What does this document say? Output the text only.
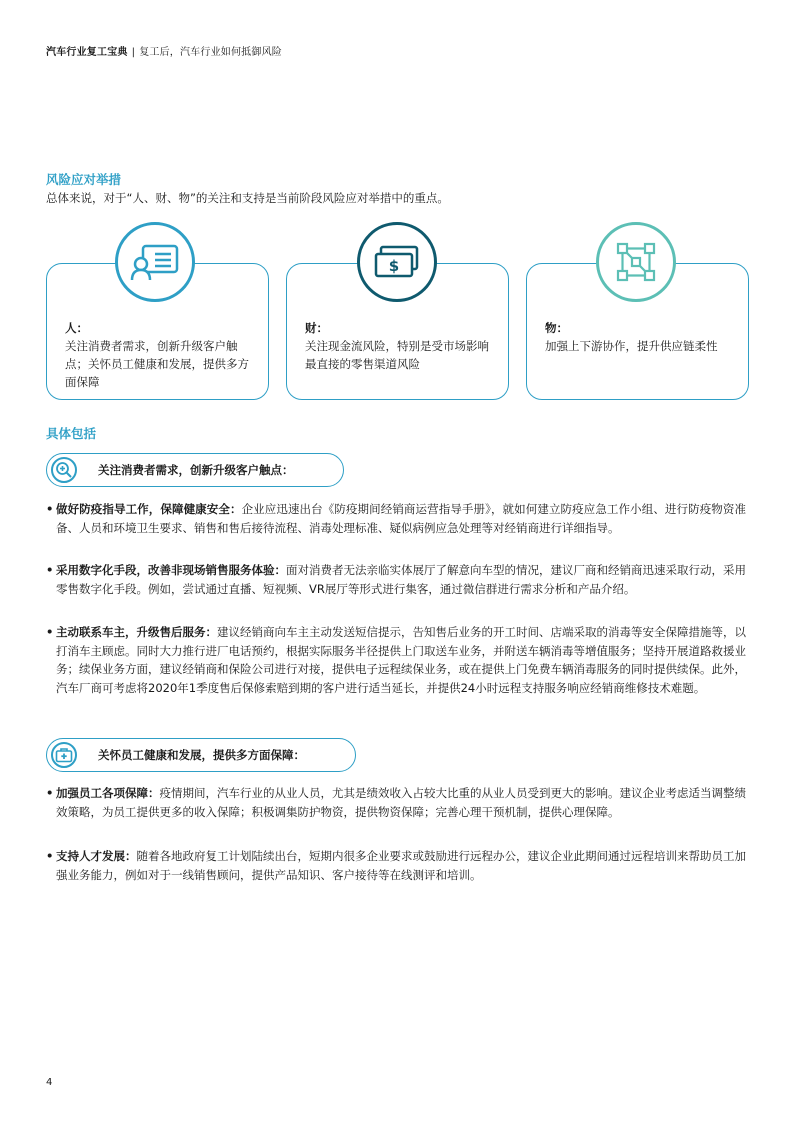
汽车行业复工宝典 | 复工后，汽车行业如何抵御风险
风险应对举措
总体来说，对于“人、财、物”的关注和支持是当前阶段风险应对举措中的重点。
人：
关注消费者需求，创新升级客户触点；关怀员工健康和发展，提供多方面保障
财：
关注现金流风险，特别是受市场影响最直接的零售渠道风险
$
物：
加强上下游协作，提升供应链柔性
具体包括
关注消费者需求，创新升级客户触点：
• 做好防疫指导工作，保障健康安全：企业应迅速出台《防疫期间经销商运营指导手册》，就如何建立防疫应急工作小组、进行防疫物资准备、人员和环境卫生要求、销售和售后接待流程、消毒处理标准、疑似病例应急处理等对经销商进行详细指导。
• 采用数字化手段，改善非现场销售服务体验：面对消费者无法亲临实体展厅了解意向车型的情况，建议厂商和经销商迅速采取行动，采用零售数字化手段。例如，尝试通过直播、短视频、VR展厅等形式进行集客，通过微信群进行需求分析和产品介绍。
• 主动联系车主，升级售后服务：建议经销商向车主主动发送短信提示，告知售后业务的开工时间、店端采取的消毒等安全保障措施等，以打消车主顾虑。同时大力推行进厂电话预约，根据实际服务半径提供上门取送车业务，并附送车辆消毒等增值服务；坚持开展道路救援业务；续保业务方面，建议经销商和保险公司进行对接，提供电子远程续保业务，或在提供上门免费车辆消毒服务的同时提供续保。此外，汽车厂商可考虑将2020年1季度售后保修索赔到期的客户进行适当延长，并提供24小时远程支持服务响应经销商维修技术难题。
关怀员工健康和发展，提供多方面保障：
• 加强员工各项保障：疫情期间，汽车行业的从业人员，尤其是绩效收入占较大比重的从业人员受到更大的影响。建议企业考虑适当调整绩效策略，为员工提供更多的收入保障；积极调集防护物资，提供物资保障；完善心理干预机制，提供心理保障。
• 支持人才发展：随着各地政府复工计划陆续出台，短期内很多企业要求或鼓励进行远程办公，建议企业此期间通过远程培训来帮助员工加强业务能力，例如对于一线销售顾问，提供产品知识、客户接待等在线测评和培训。
4
